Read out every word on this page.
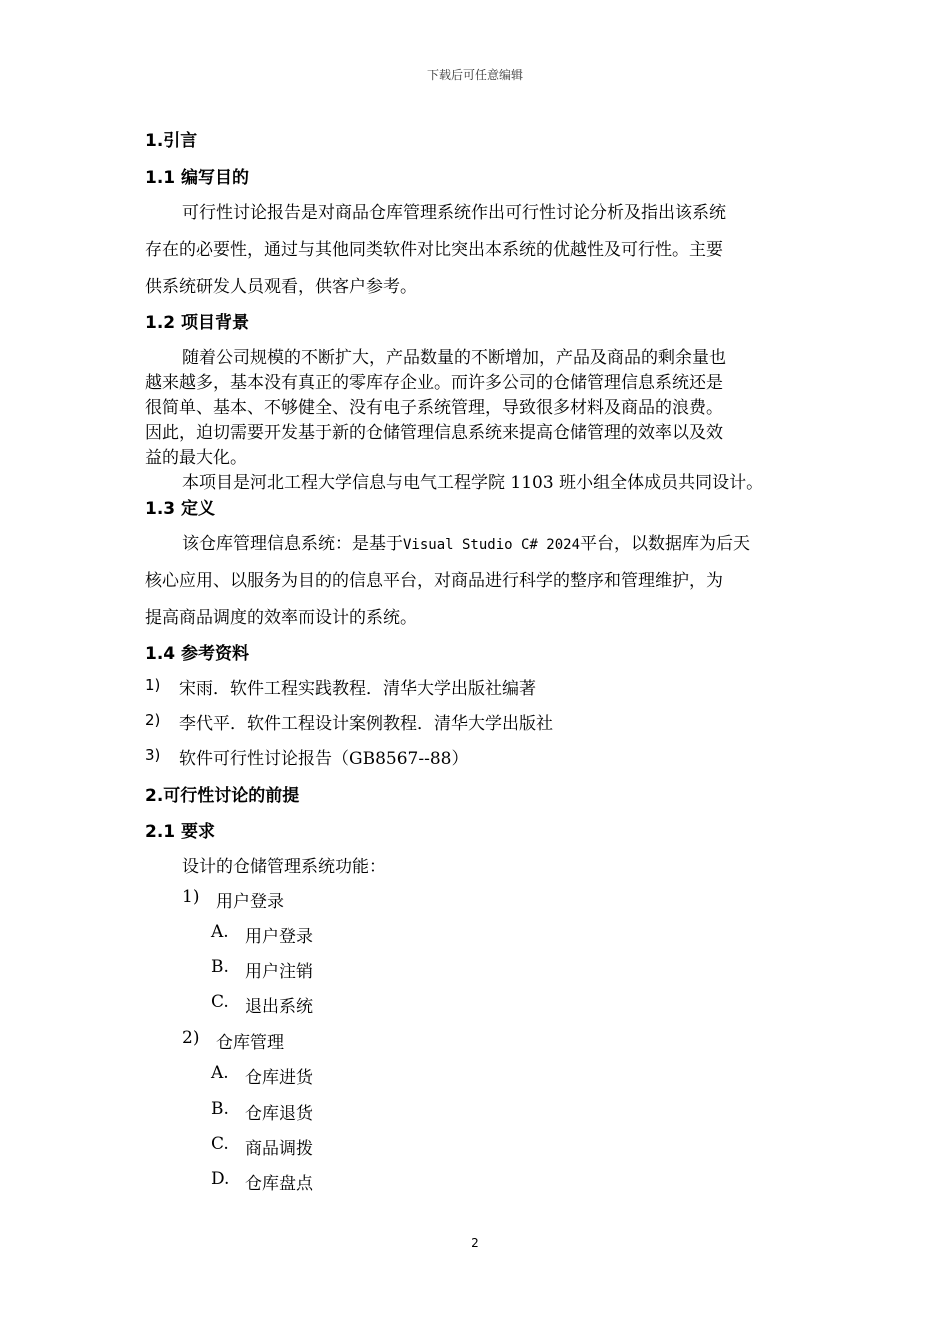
下载后可任意编辑
1.引言
1.1 编写目的
可行性讨论报告是对商品仓库管理系统作出可行性讨论分析及指出该系统
存在的必要性，通过与其他同类软件对比突出本系统的优越性及可行性。主要
供系统研发人员观看，供客户参考。
1.2 项目背景
随着公司规模的不断扩大，产品数量的不断增加，产品及商品的剩余量也
越来越多，基本没有真正的零库存企业。而许多公司的仓储管理信息系统还是
很简单、基本、不够健全、没有电子系统管理，导致很多材料及商品的浪费。
因此，迫切需要开发基于新的仓储管理信息系统来提高仓储管理的效率以及效
益的最大化。
本项目是河北工程大学信息与电气工程学院 1103 班小组全体成员共同设计。
1.3 定义
该仓库管理信息系统：是基于Visual Studio C# 2024平台，以数据库为后天
核心应用、以服务为目的的信息平台，对商品进行科学的整序和管理维护，为
提高商品调度的效率而设计的系统。
1.4 参考资料
1) 宋雨．软件工程实践教程．清华大学出版社编著
2) 李代平．软件工程设计案例教程．清华大学出版社
3) 软件可行性讨论报告（GB8567--88）
2.可行性讨论的前提
2.1 要求
设计的仓储管理系统功能：
1) 用户登录
A. 用户登录
B. 用户注销
C. 退出系统
2) 仓库管理
A. 仓库进货
B. 仓库退货
C. 商品调拨
D. 仓库盘点
2
